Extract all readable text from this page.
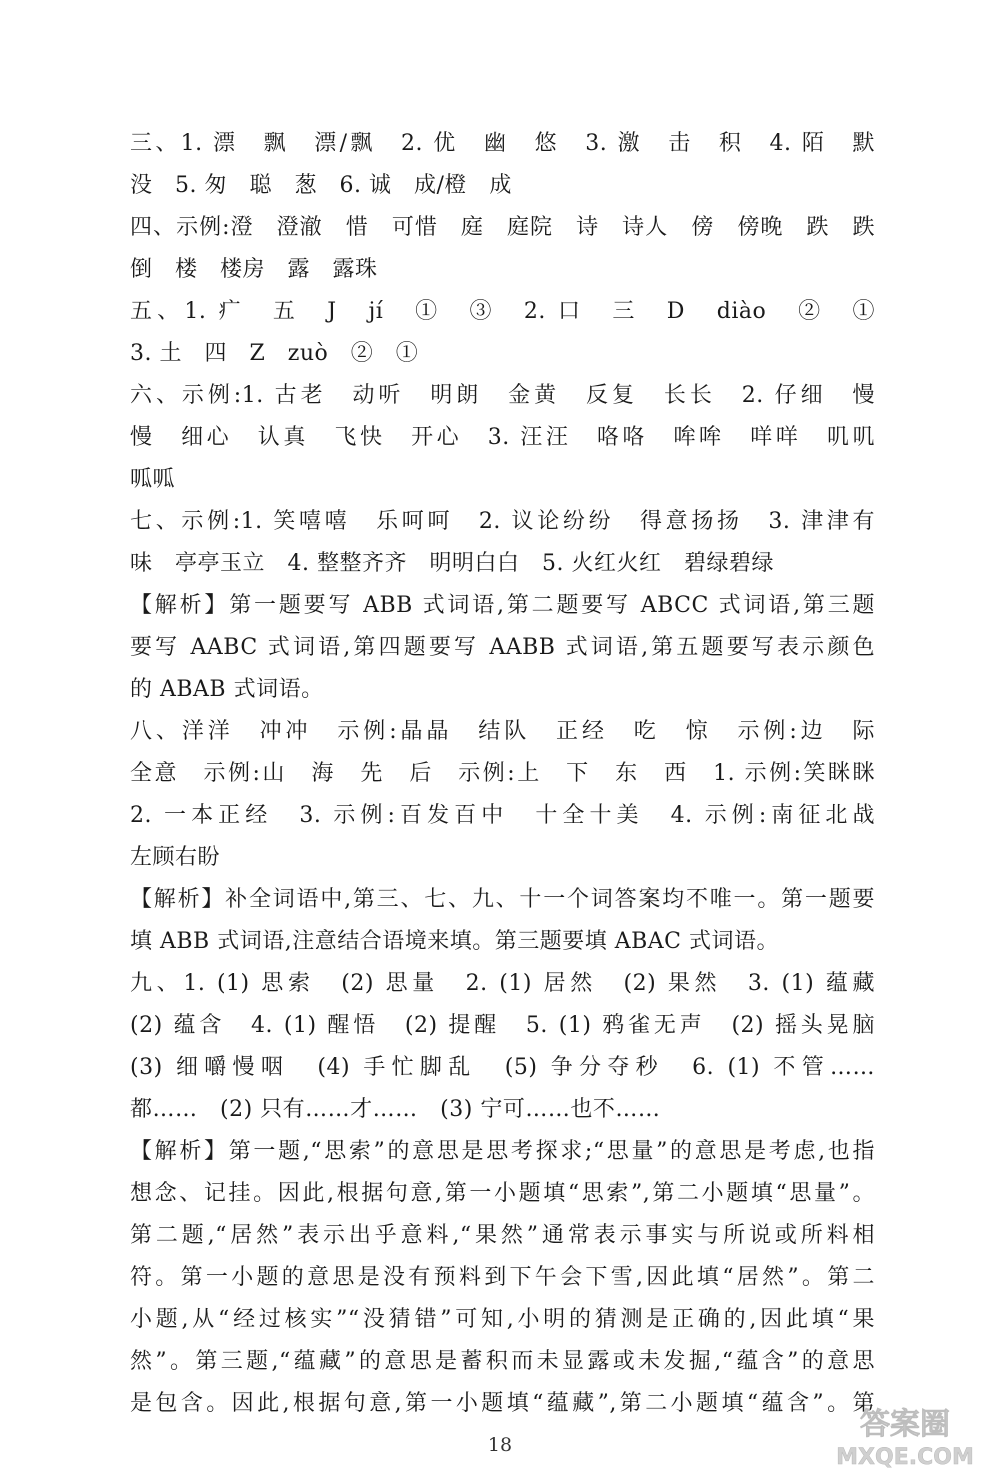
三、1. 漂　飘　漂/飘　2. 优　幽　悠　3. 激　击　积　4. 陌　默
没　5. 匆　聪　葱　6. 诚　成/橙　成
四、示例:澄　澄澈　惜　可惜　庭　庭院　诗　诗人　傍　傍晚　跌　跌
倒　楼　楼房　露　露珠
五、1. 疒　五　J　jí　①　③　2. 口　三　D　diào　②　①
3. 土　四　Z　zuò　②　①
六、示例:1. 古老　动听　明朗　金黄　反复　长长　2. 仔细　慢
慢　细心　认真　飞快　开心　3. 汪汪　咯咯　哞哞　咩咩　叽叽
呱呱
七、示例:1. 笑嘻嘻　乐呵呵　2. 议论纷纷　得意扬扬　3. 津津有
味　亭亭玉立　4. 整整齐齐　明明白白　5. 火红火红　碧绿碧绿
【解析】第一题要写 ABB 式词语,第二题要写 ABCC 式词语,第三题
要写 AABC 式词语,第四题要写 AABB 式词语,第五题要写表示颜色
的 ABAB 式词语。
八、洋洋　冲冲　示例:晶晶　结队　正经　吃　惊　示例:边　际
全意　示例:山　海　先　后　示例:上　下　东　西　1. 示例:笑眯眯
2. 一本正经　3. 示例:百发百中　十全十美　4. 示例:南征北战
左顾右盼
【解析】补全词语中,第三、七、九、十一个词答案均不唯一。第一题要
填 ABB 式词语,注意结合语境来填。第三题要填 ABAC 式词语。
九、1. (1) 思索　(2) 思量　2. (1) 居然　(2) 果然　3. (1) 蕴藏
(2) 蕴含　4. (1) 醒悟　(2) 提醒　5. (1) 鸦雀无声　(2) 摇头晃脑
(3) 细嚼慢咽　(4) 手忙脚乱　(5) 争分夺秒　6. (1) 不管……
都……　(2) 只有……才……　(3) 宁可……也不……
【解析】第一题,“思索”的意思是思考探求;“思量”的意思是考虑,也指
想念、记挂。因此,根据句意,第一小题填“思索”,第二小题填“思量”。
第二题,“居然”表示出乎意料,“果然”通常表示事实与所说或所料相
符。第一小题的意思是没有预料到下午会下雪,因此填“居然”。第二
小题,从“经过核实”“没猜错”可知,小明的猜测是正确的,因此填“果
然”。第三题,“蕴藏”的意思是蓄积而未显露或未发掘,“蕴含”的意思
是包含。因此,根据句意,第一小题填“蕴藏”,第二小题填“蕴含”。第
18
答案圈
MXQE.COM
